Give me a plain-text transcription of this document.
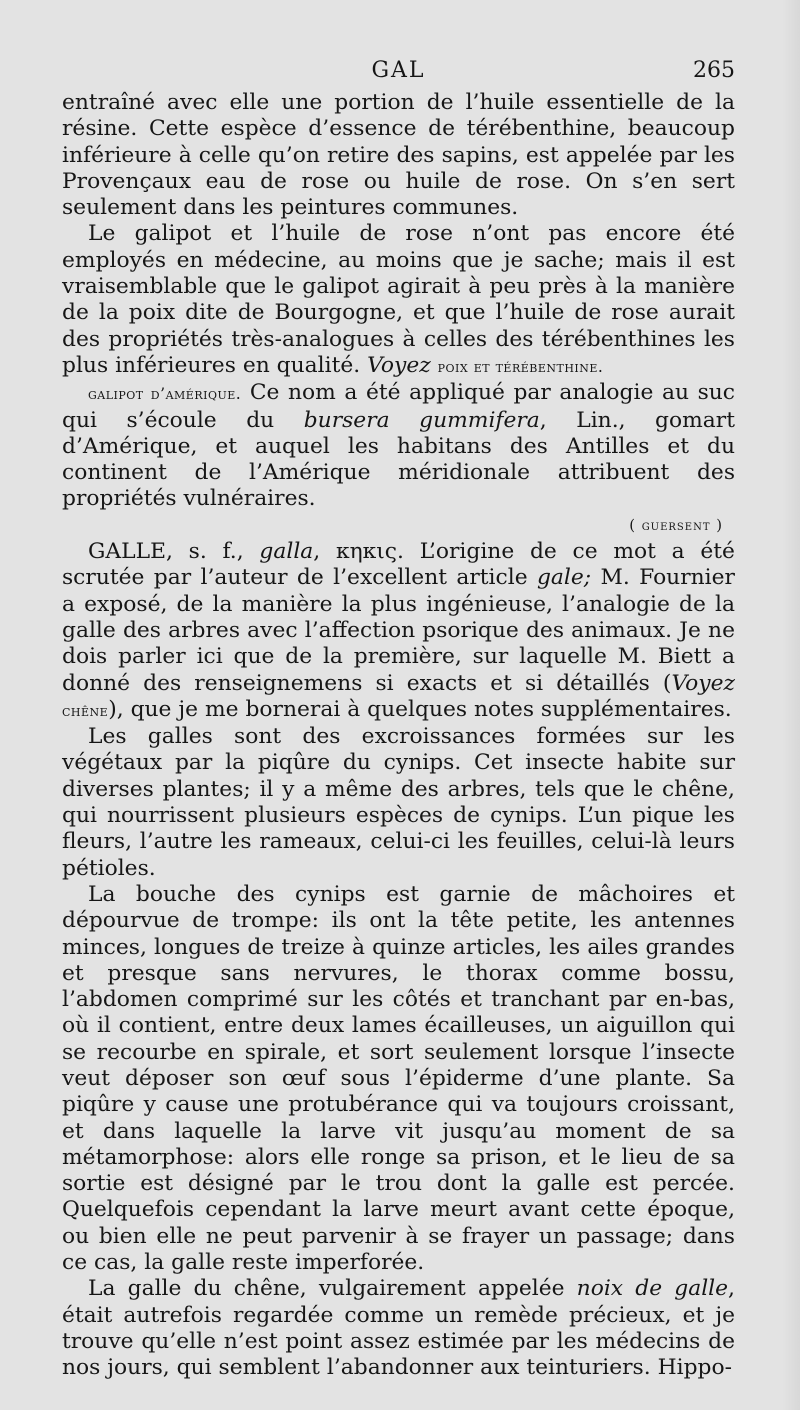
GAL	265

entraîné avec elle une portion de l’huile essentielle de la résine. Cette espèce d’essence de térébenthine, beaucoup inférieure à celle qu’on retire des sapins, est appelée par les Provençaux eau de rose ou huile de rose. On s’en sert seulement dans les peintures communes.

Le galipot et l’huile de rose n’ont pas encore été employés en médecine, au moins que je sache; mais il est vraisemblable que le galipot agirait à peu près à la manière de la poix dite de Bourgogne, et que l’huile de rose aurait des propriétés très-analogues à celles des térébenthines les plus inférieures en qualité. Voyez poix et térébenthine.

galipot d’amérique. Ce nom a été appliqué par analogie au suc qui s’écoule du bursera gummifera, Lin., gomart d’Amérique, et auquel les habitans des Antilles et du continent de l’Amérique méridionale attribuent des propriétés vulnéraires.
( guersent )

GALLE, s. f., galla, κηκις. L’origine de ce mot a été scrutée par l’auteur de l’excellent article gale; M. Fournier a exposé, de la manière la plus ingénieuse, l’analogie de la galle des arbres avec l’affection psorique des animaux. Je ne dois parler ici que de la première, sur laquelle M. Biett a donné des renseignemens si exacts et si détaillés (Voyez chêne), que je me bornerai à quelques notes supplémentaires.

Les galles sont des excroissances formées sur les végétaux par la piqûre du cynips. Cet insecte habite sur diverses plantes; il y a même des arbres, tels que le chêne, qui nourrissent plusieurs espèces de cynips. L’un pique les fleurs, l’autre les rameaux, celui-ci les feuilles, celui-là leurs pétioles.

La bouche des cynips est garnie de mâchoires et dépourvue de trompe: ils ont la tête petite, les antennes minces, longues de treize à quinze articles, les ailes grandes et presque sans nervures, le thorax comme bossu, l’abdomen comprimé sur les côtés et tranchant par en-bas, où il contient, entre deux lames écailleuses, un aiguillon qui se recourbe en spirale, et sort seulement lorsque l’insecte veut déposer son œuf sous l’épiderme d’une plante. Sa piqûre y cause une protubérance qui va toujours croissant, et dans laquelle la larve vit jusqu’au moment de sa métamorphose: alors elle ronge sa prison, et le lieu de sa sortie est désigné par le trou dont la galle est percée. Quelquefois cependant la larve meurt avant cette époque, ou bien elle ne peut parvenir à se frayer un passage; dans ce cas, la galle reste imperforée.

La galle du chêne, vulgairement appelée noix de galle, était autrefois regardée comme un remède précieux, et je trouve qu’elle n’est point assez estimée par les médecins de nos jours, qui semblent l’abandonner aux teinturiers. Hippo-
